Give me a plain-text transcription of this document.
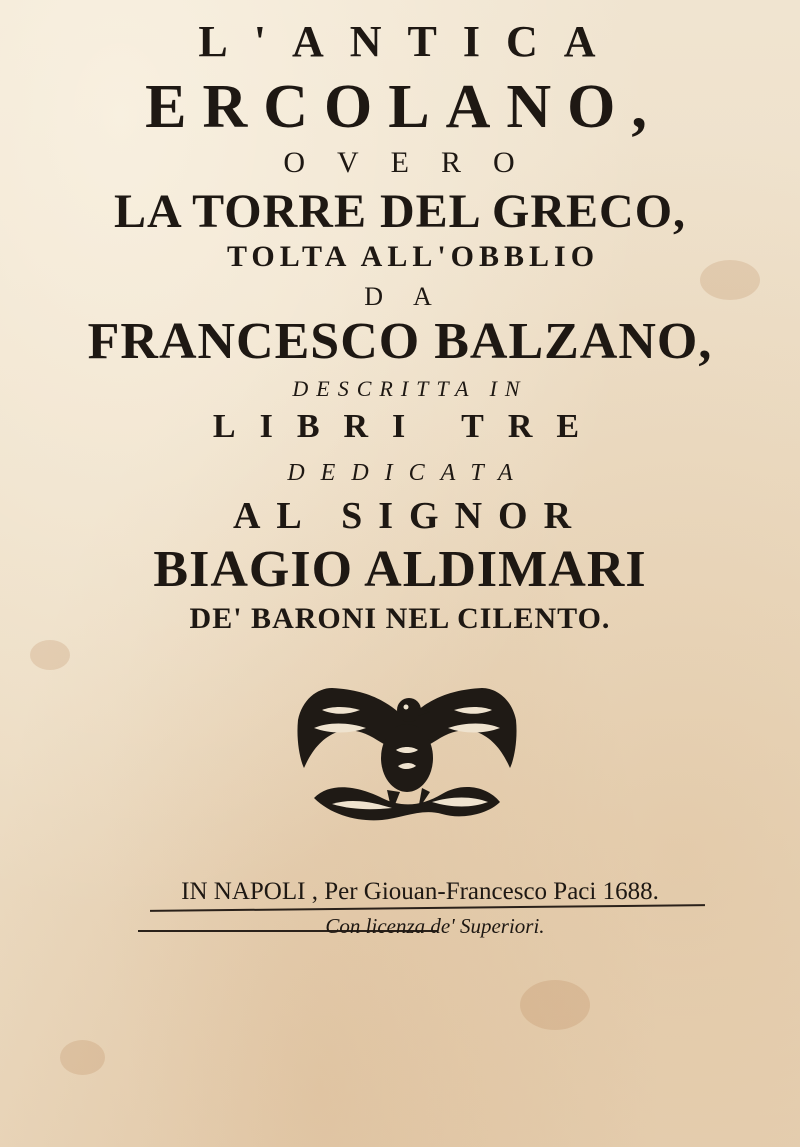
L'ANTICA
ERCOLANO,
OVERO
LA TORRE DEL GRECO,
TOLTA ALL'OBBLIO
DA
FRANCESCO BALZANO,
DESCRITTA IN
LIBRI TRE
DEDICATA
AL SIGNOR
BIAGIO ALDIMARI
DE' BARONI NEL CILENTO.
IN NAPOLI , Per Giouan-Francesco Paci 1688.
Con licenza de' Superiori.
